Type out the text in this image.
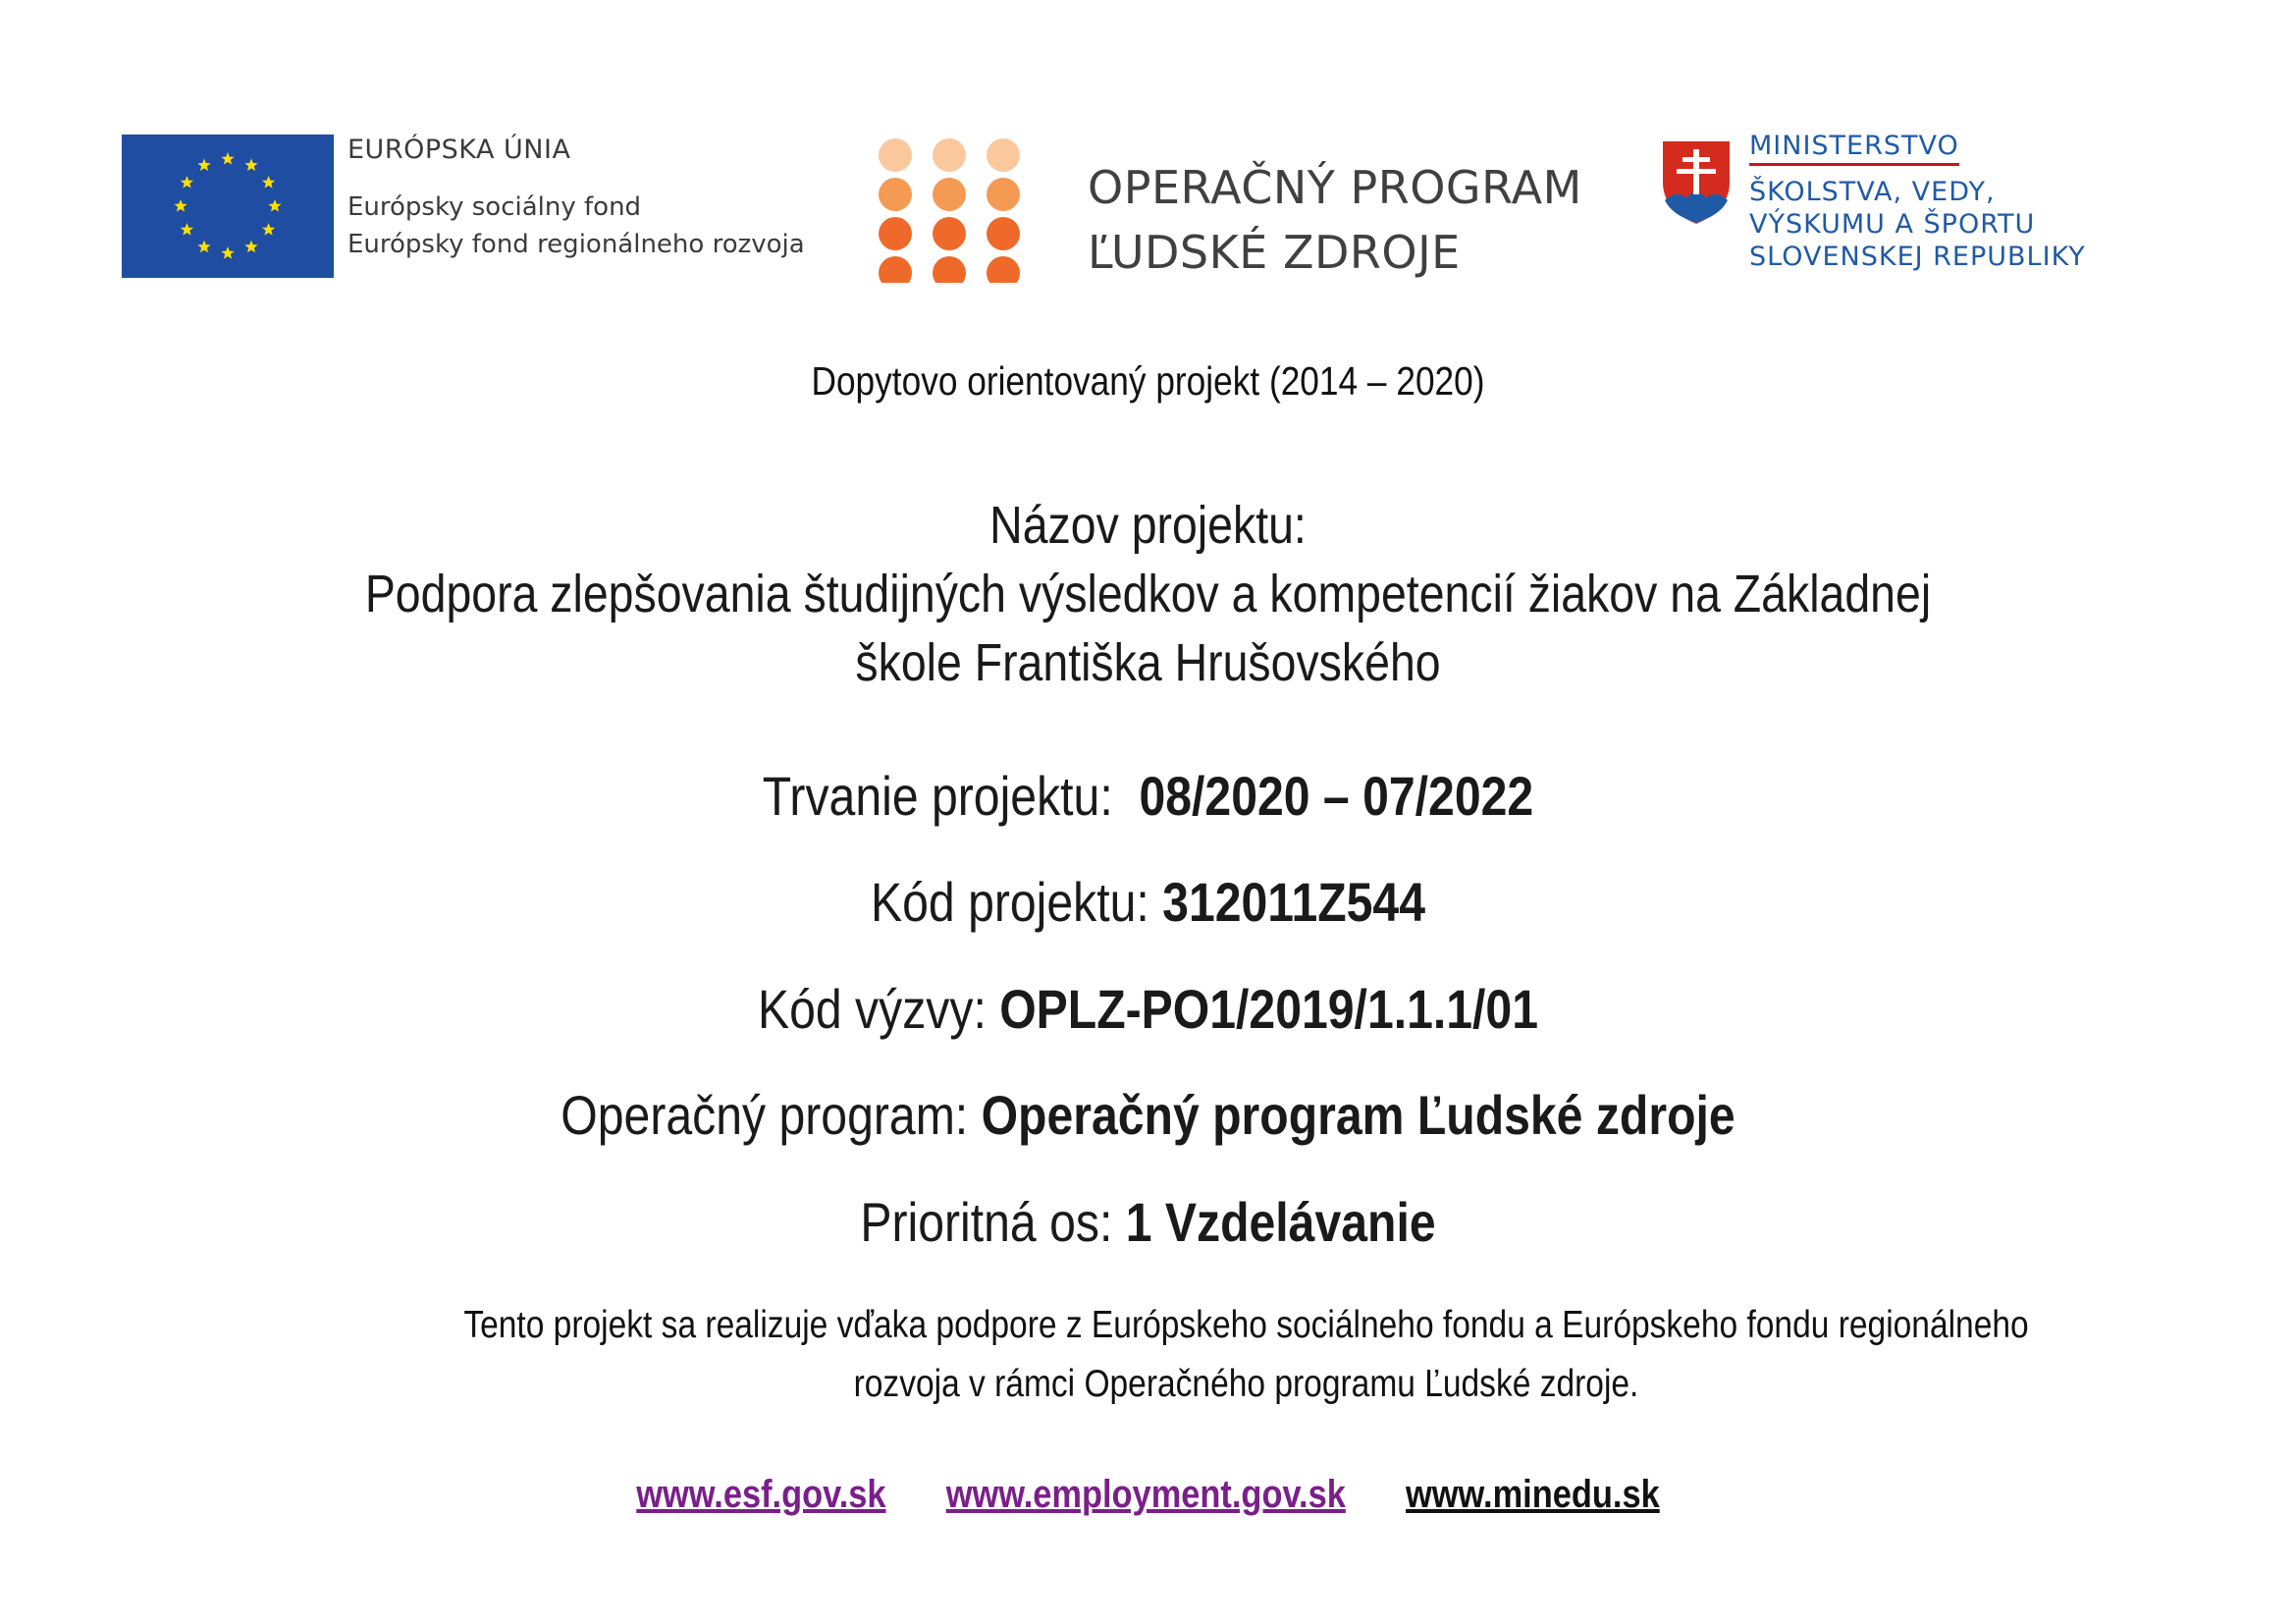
EURÓPSKA ÚNIA
Európsky sociálny fond
Európsky fond regionálneho rozvoja
OPERAČNÝ PROGRAM
ĽUDSKÉ ZDROJE
MINISTERSTVO
ŠKOLSTVA, VEDY,
VÝSKUMU A ŠPORTU
SLOVENSKEJ REPUBLIKY
Dopytovo orientovaný projekt (2014 – 2020)
Názov projektu:
Podpora zlepšovania študijných výsledkov a kompetencií žiakov na Základnej
škole Františka Hrušovského
Trvanie projektu: 08/2020 – 07/2022
Kód projektu: 312011Z544
Kód výzvy: OPLZ-PO1/2019/1.1.1/01
Operačný program: Operačný program Ľudské zdroje
Prioritná os: 1 Vzdelávanie
Tento projekt sa realizuje vďaka podpore z Európskeho sociálneho fondu a Európskeho fondu regionálneho
rozvoja v rámci Operačného programu Ľudské zdroje.
www.esf.gov.sk www.employment.gov.sk www.minedu.sk
